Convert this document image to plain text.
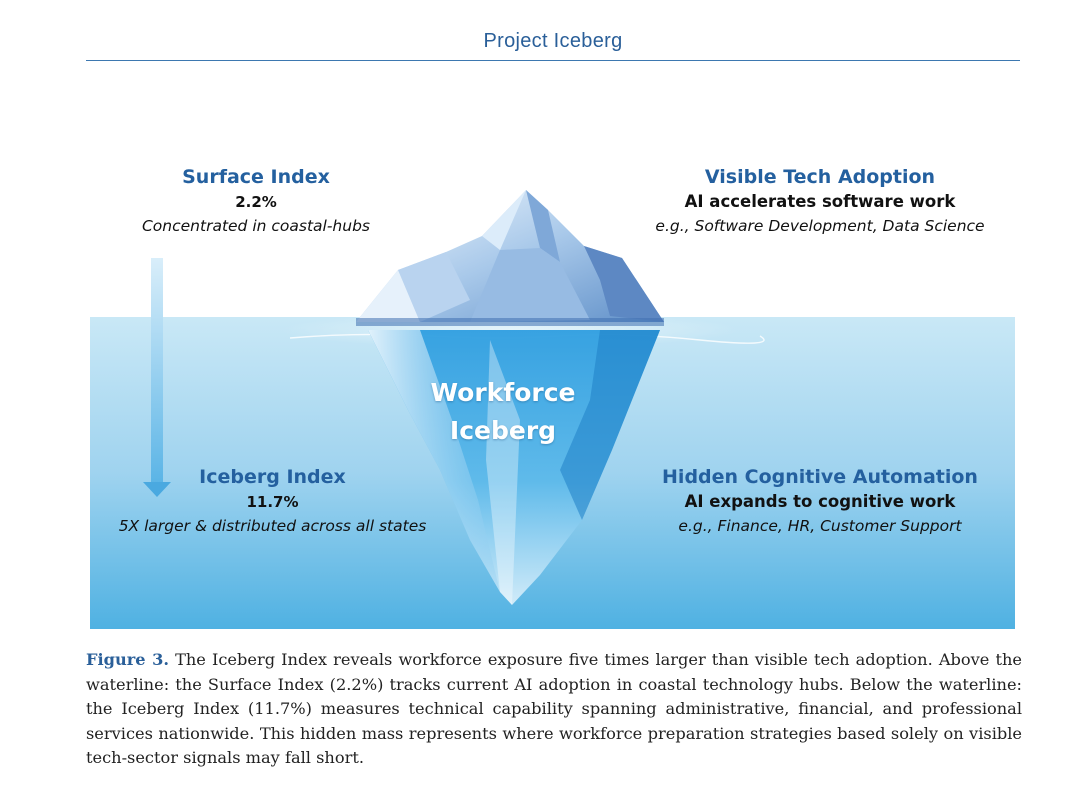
Project Iceberg
Surface Index
2.2%
Concentrated in coastal-hubs
Visible Tech Adoption
AI accelerates software work
e.g., Software Development, Data Science
Workforce
Iceberg
Iceberg Index
11.7%
5X larger & distributed across all states
Hidden Cognitive Automation
AI expands to cognitive work
e.g., Finance, HR, Customer Support
Figure 3. The Iceberg Index reveals workforce exposure five times larger than visible tech adoption. Above the waterline: the Surface Index (2.2%) tracks current AI adoption in coastal technology hubs. Below the waterline: the Iceberg Index (11.7%) measures technical capability spanning administrative, financial, and professional services nationwide. This hidden mass represents where workforce preparation strategies based solely on visible tech-sector signals may fall short.
